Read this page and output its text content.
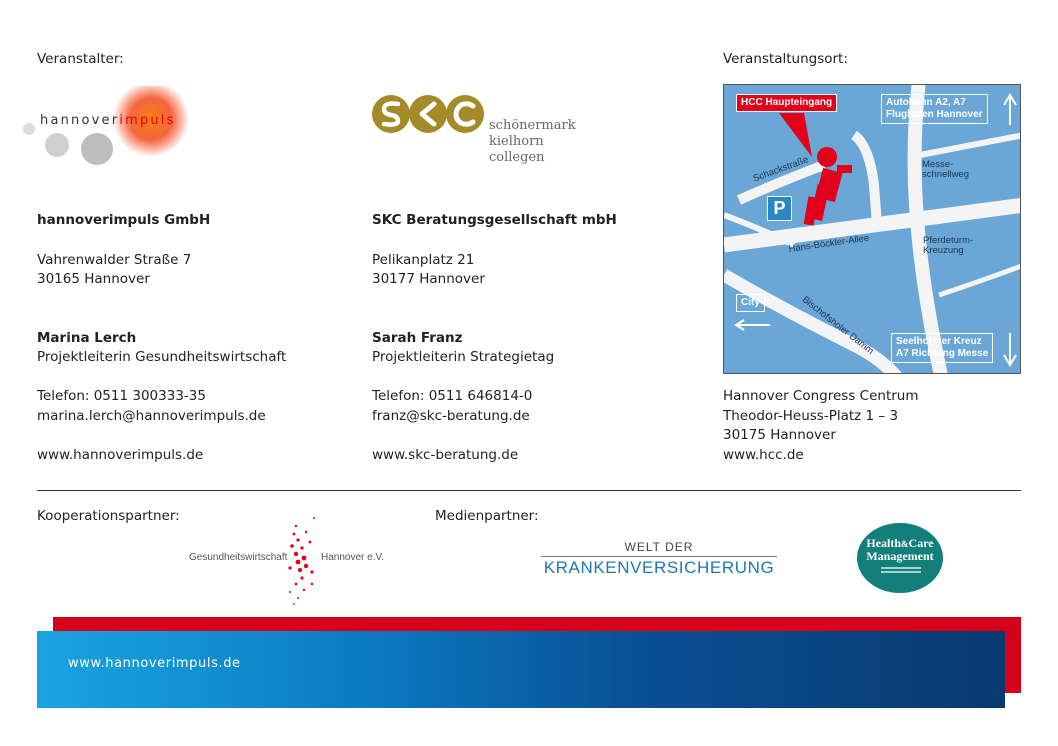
Veranstalter:
hannoverimpuls	schönermark
kielhorn
collegen
hannoverimpuls GmbH
Vahrenwalder Straße 7
30165 Hannover
Marina Lerch
Projektleiterin Gesundheitswirtschaft
Telefon: 0511 300333-35
marina.lerch@hannoverimpuls.de
www.hannoverimpuls.de
SKC Beratungsgesellschaft mbH
Pelikanplatz 21
30177 Hannover
Sarah Franz
Projektleiterin Strategietag
Telefon: 0511 646814-0
franz@skc-beratung.de
www.skc-beratung.de
Veranstaltungsort:
HCC Haupteingang	Autobahn A2, A7
Flughafen Hannover
Messe-
schnellweg
Schackstraße
P
Hans-Böckler-Allee	Pferdeturm-
Kreuzung
City	Bischofsholer Damm Seelhorster Kreuz
A7 Richtung Messe
Hannover Congress Centrum
Theodor-Heuss-Platz 1 – 3
30175 Hannover
www.hcc.de
Kooperationspartner:
Gesundheitswirtschaft	Hannover e.V.
Medienpartner:
WELT DER
KRANKENVERSICHERUNG
Health&Care
Management
www.hannoverimpuls.de
